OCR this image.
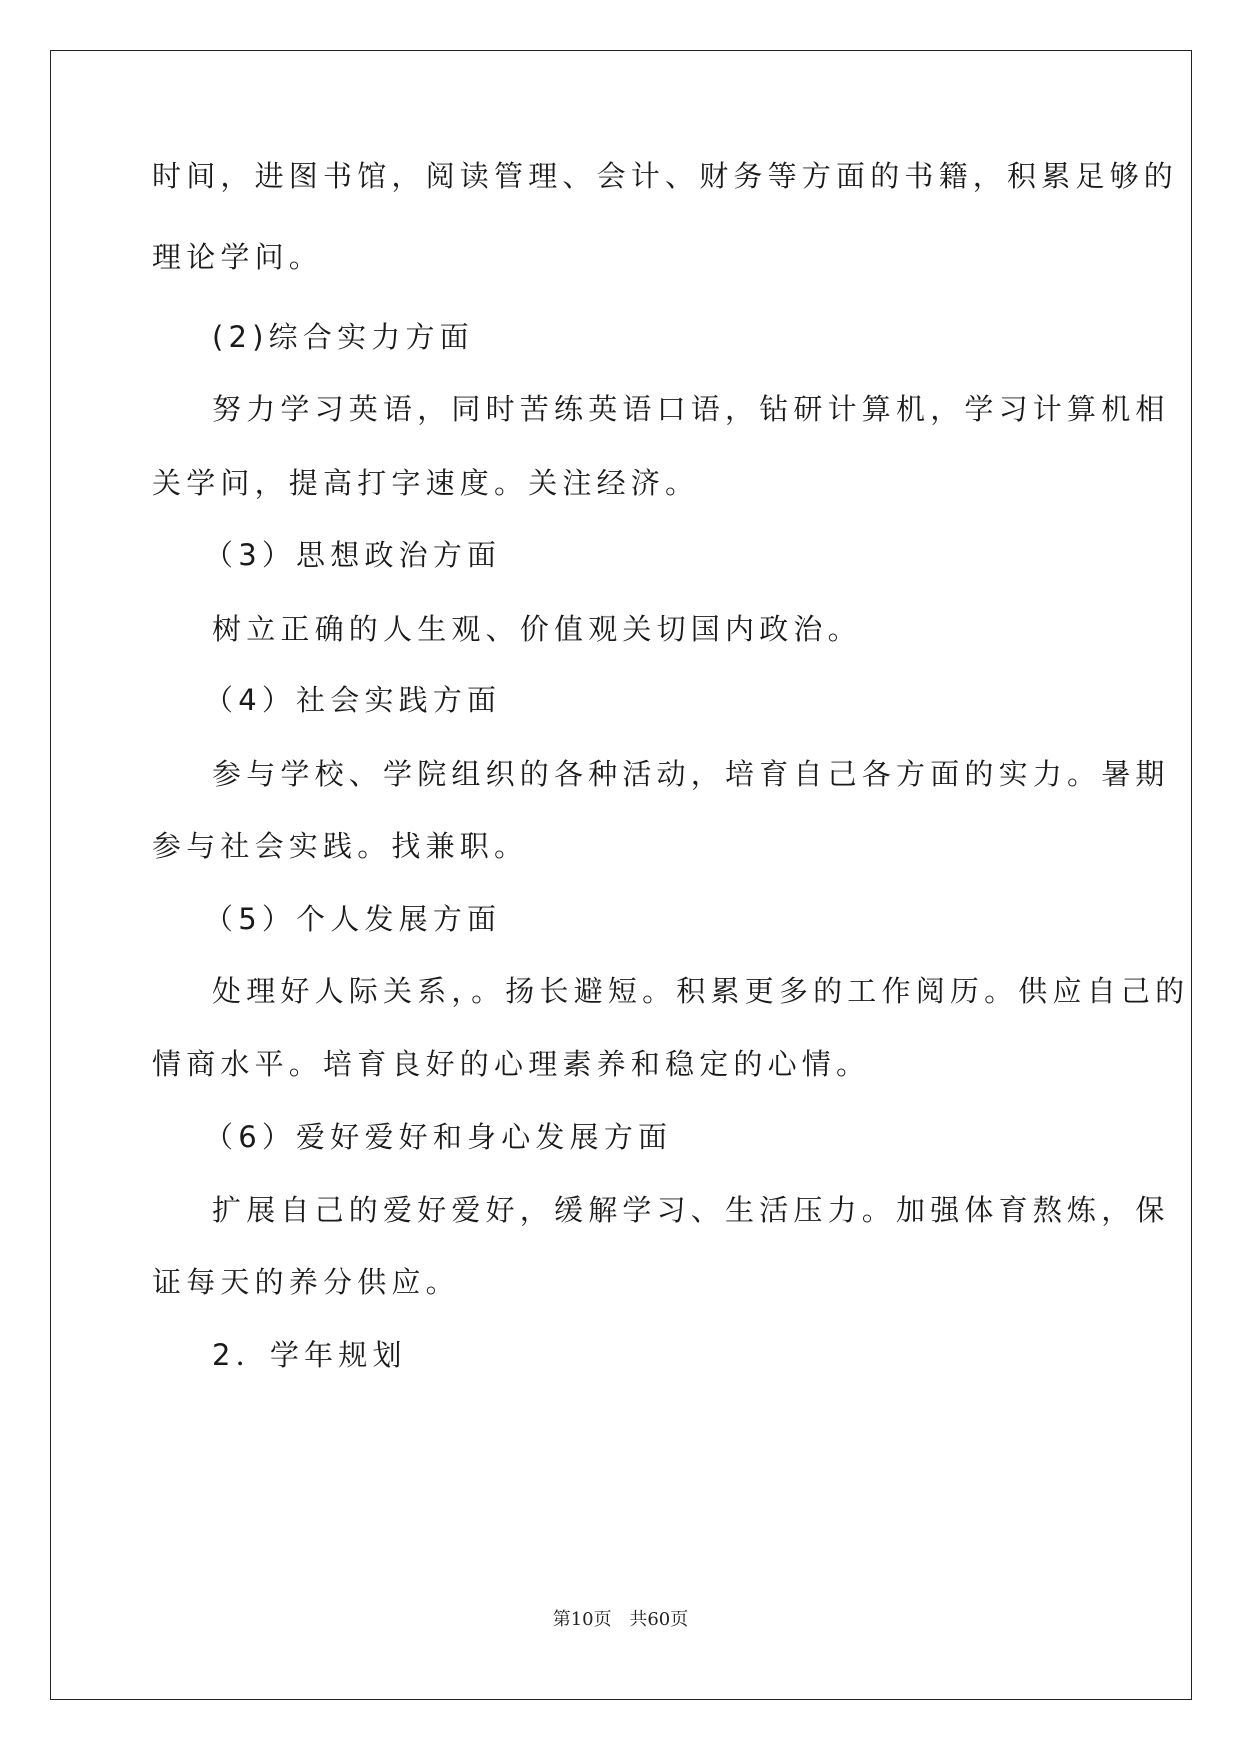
时间，进图书馆，阅读管理、会计、财务等方面的书籍，积累足够的
理论学问。
(2)综合实力方面
努力学习英语，同时苦练英语口语，钻研计算机，学习计算机相
关学问，提高打字速度。关注经济。
（3）思想政治方面
树立正确的人生观、价值观关切国内政治。
（4）社会实践方面
参与学校、学院组织的各种活动，培育自己各方面的实力。暑期
参与社会实践。找兼职。
（5）个人发展方面
处理好人际关系，。扬长避短。积累更多的工作阅历。供应自己的
情商水平。培育良好的心理素养和稳定的心情。
（6）爱好爱好和身心发展方面
扩展自己的爱好爱好，缓解学习、生活压力。加强体育熬炼，保
证每天的养分供应。
2．学年规划
第10页 共60页
